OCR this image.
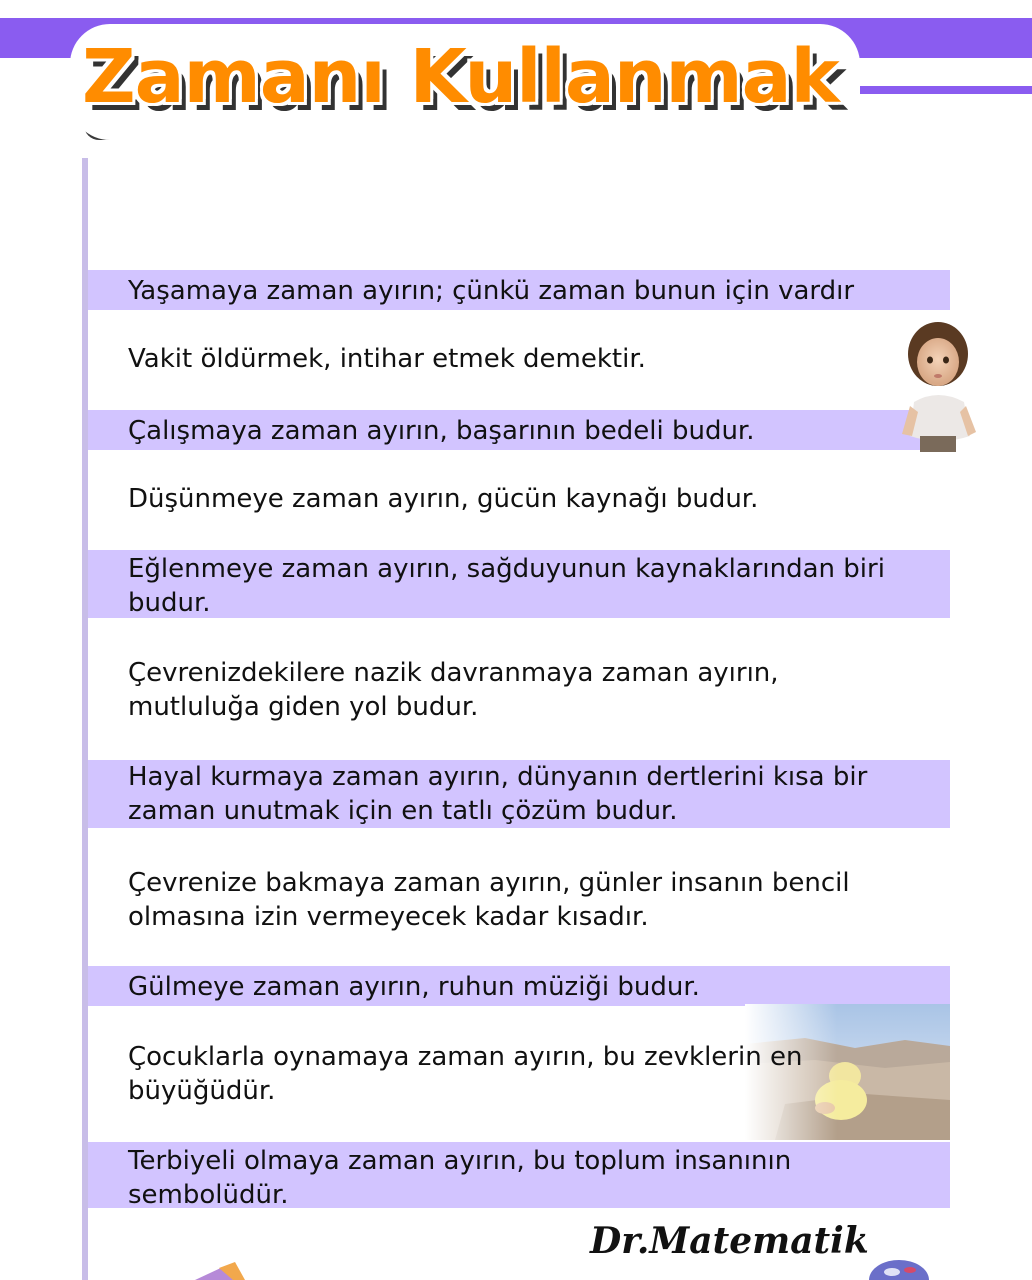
Zamanı Kullanmak

Yaşamaya zaman ayırın; çünkü zaman bunun için vardır

Vakit öldürmek, intihar etmek demektir.

Çalışmaya zaman ayırın, başarının bedeli budur.

Düşünmeye zaman ayırın, gücün kaynağı budur.

Eğlenmeye zaman ayırın, sağduyunun kaynaklarından biri budur.

Çevrenizdekilere nazik davranmaya zaman ayırın, mutluluğa giden yol budur.

Hayal kurmaya zaman ayırın, dünyanın dertlerini kısa bir zaman unutmak için en tatlı çözüm budur.

Çevrenize bakmaya zaman ayırın, günler insanın bencil olmasına izin vermeyecek kadar kısadır.

Gülmeye zaman ayırın, ruhun müziği budur.

Çocuklarla oynamaya zaman ayırın, bu zevklerin en büyüğüdür.

Terbiyeli olmaya zaman ayırın, bu toplum insanının sembolüdür.

Dr.Matematik
